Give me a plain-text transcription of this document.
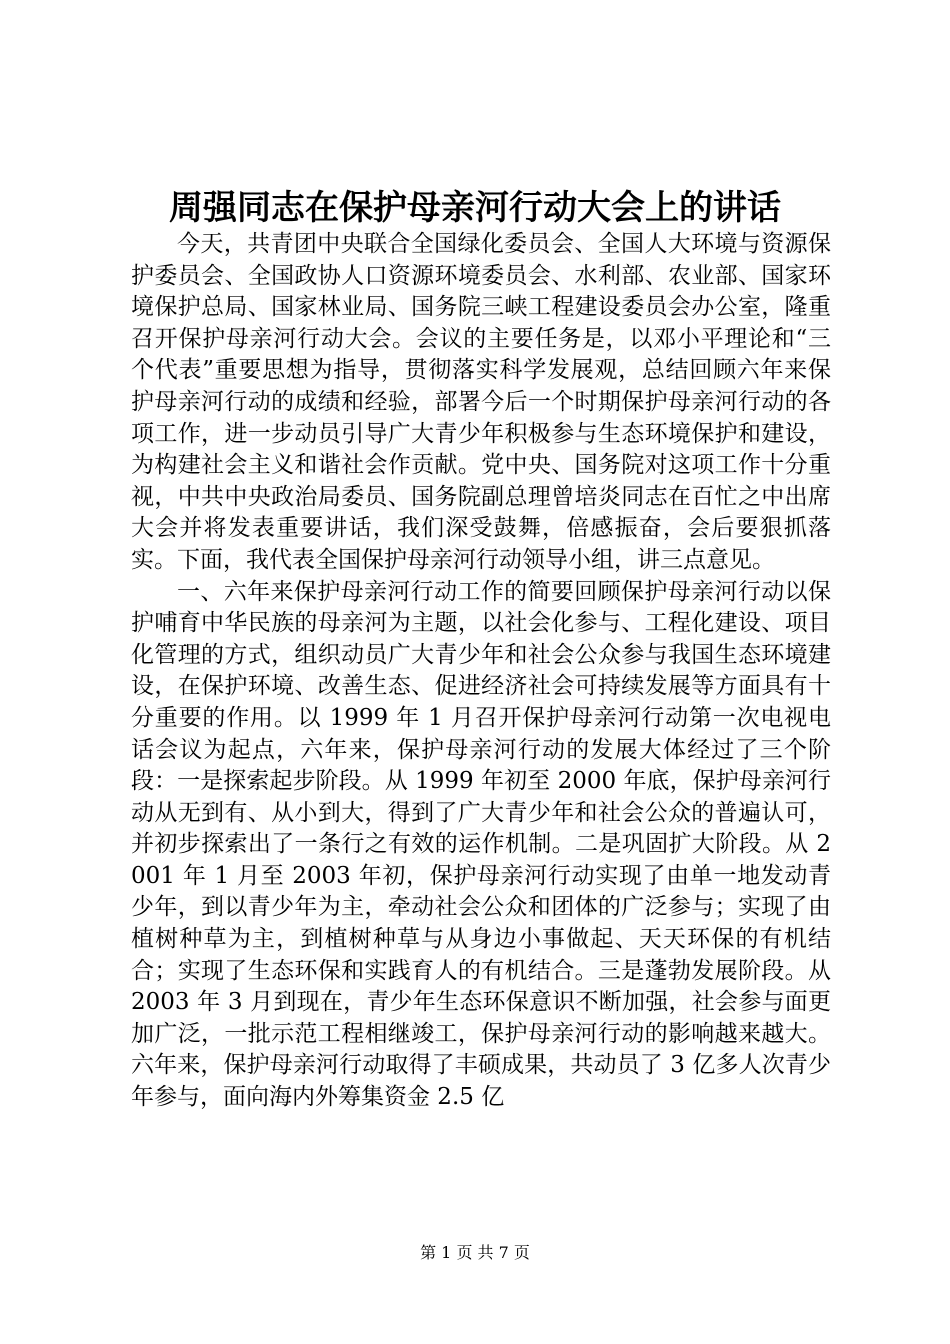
周强同志在保护母亲河行动大会上的讲话

今天，共青团中央联合全国绿化委员会、全国人大环境与资源保护委员会、全国政协人口资源环境委员会、水利部、农业部、国家环境保护总局、国家林业局、国务院三峡工程建设委员会办公室，隆重召开保护母亲河行动大会。会议的主要任务是，以邓小平理论和“三个代表”重要思想为指导，贯彻落实科学发展观，总结回顾六年来保护母亲河行动的成绩和经验，部署今后一个时期保护母亲河行动的各项工作，进一步动员引导广大青少年积极参与生态环境保护和建设，为构建社会主义和谐社会作贡献。党中央、国务院对这项工作十分重视，中共中央政治局委员、国务院副总理曾培炎同志在百忙之中出席大会并将发表重要讲话，我们深受鼓舞，倍感振奋，会后要狠抓落实。下面，我代表全国保护母亲河行动领导小组，讲三点意见。

一、六年来保护母亲河行动工作的简要回顾保护母亲河行动以保护哺育中华民族的母亲河为主题，以社会化参与、工程化建设、项目化管理的方式，组织动员广大青少年和社会公众参与我国生态环境建设，在保护环境、改善生态、促进经济社会可持续发展等方面具有十分重要的作用。以 1999 年 1 月召开保护母亲河行动第一次电视电话会议为起点，六年来，保护母亲河行动的发展大体经过了三个阶段：一是探索起步阶段。从 1999 年初至 2000 年底，保护母亲河行动从无到有、从小到大，得到了广大青少年和社会公众的普遍认可，并初步探索出了一条行之有效的运作机制。二是巩固扩大阶段。从 2001 年 1 月至 2003 年初，保护母亲河行动实现了由单一地发动青少年，到以青少年为主，牵动社会公众和团体的广泛参与；实现了由植树种草为主，到植树种草与从身边小事做起、天天环保的有机结合；实现了生态环保和实践育人的有机结合。三是蓬勃发展阶段。从 2003 年 3 月到现在，青少年生态环保意识不断加强，社会参与面更加广泛，一批示范工程相继竣工，保护母亲河行动的影响越来越大。六年来，保护母亲河行动取得了丰硕成果，共动员了 3 亿多人次青少年参与，面向海内外筹集资金 2.5 亿

第 1 页 共 7 页
